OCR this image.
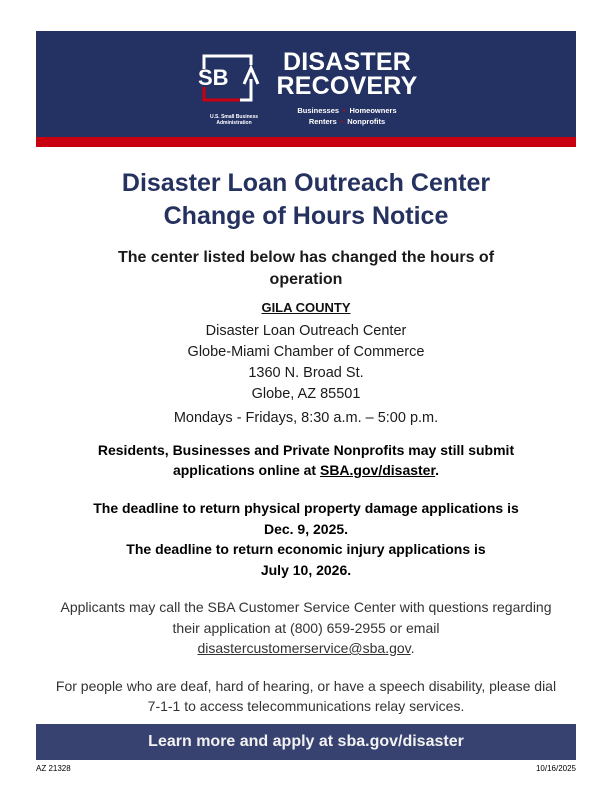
SB
U.S. Small Business
Administration
DISASTER
RECOVERY
Businesses • Homeowners
Renters • Nonprofits
Disaster Loan Outreach Center
Change of Hours Notice
The center listed below has changed the hours of operation
GILA COUNTY
Disaster Loan Outreach Center
Globe-Miami Chamber of Commerce
1360 N. Broad St.
Globe, AZ 85501
Mondays - Fridays, 8:30 a.m. – 5:00 p.m.
Residents, Businesses and Private Nonprofits may still submit applications online at SBA.gov/disaster.
The deadline to return physical property damage applications is
Dec. 9, 2025.
The deadline to return economic injury applications is
July 10, 2026.
Applicants may call the SBA Customer Service Center with questions regarding their application at (800) 659-2955 or email
disastercustomerservice@sba.gov.
For people who are deaf, hard of hearing, or have a speech disability, please dial 7-1-1 to access telecommunications relay services.
Learn more and apply at sba.gov/disaster
AZ 21328	10/16/2025
